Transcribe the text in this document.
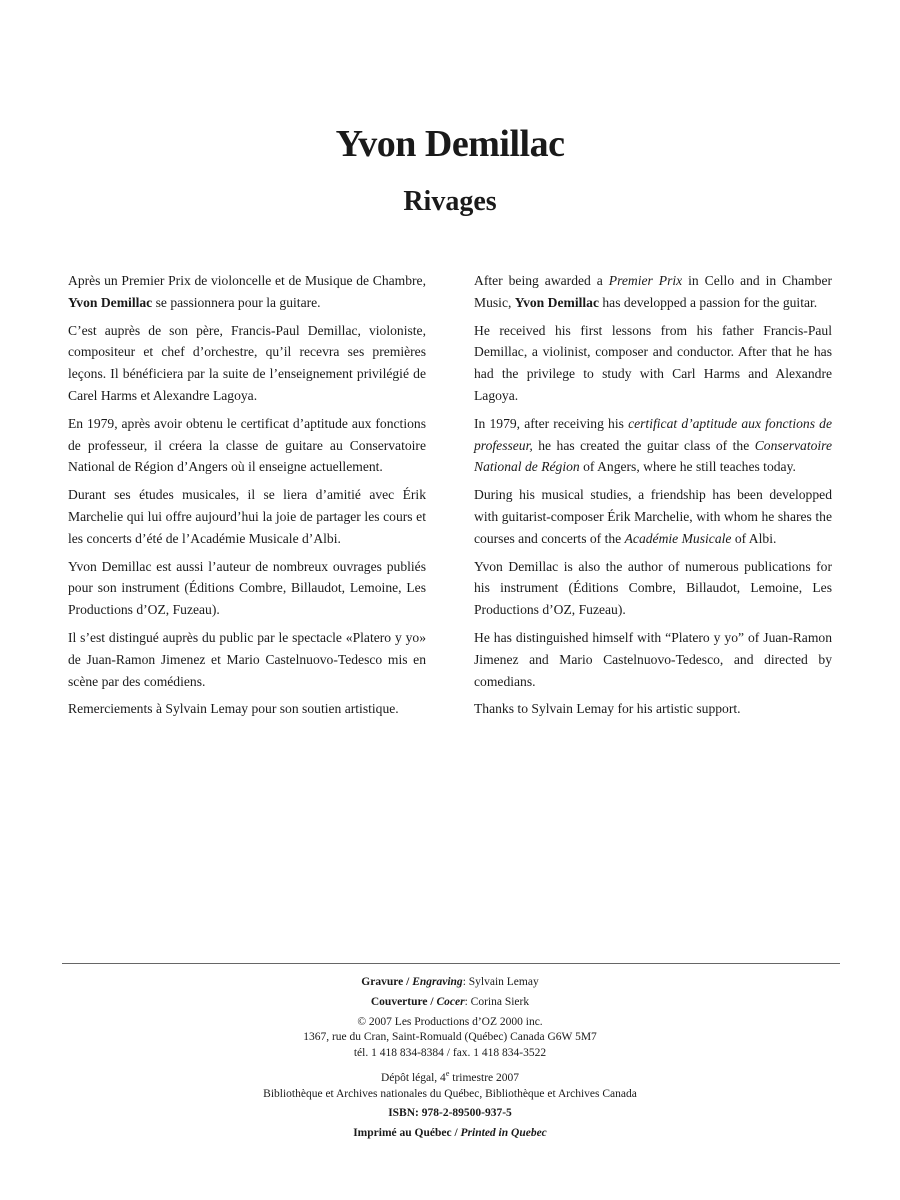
Yvon Demillac
Rivages

Après un Premier Prix de violoncelle et de Musique de Chambre, Yvon Demillac se passionnera pour la guitare.

C’est auprès de son père, Francis-Paul Demillac, violoniste, compositeur et chef d’orchestre, qu’il recevra ses premières leçons. Il bénéficiera par la suite de l’enseignement privilégié de Carel Harms et Alexandre Lagoya.

En 1979, après avoir obtenu le certificat d’aptitude aux fonctions de professeur, il créera la classe de guitare au Conservatoire National de Région d’Angers où il enseigne actuellement.

Durant ses études musicales, il se liera d’amitié avec Érik Marchelie qui lui offre aujourd’hui la joie de partager les cours et les concerts d’été de l’Académie Musicale d’Albi.

Yvon Demillac est aussi l’auteur de nombreux ouvrages publiés pour son instrument (Éditions Combre, Billaudot, Lemoine, Les Productions d’OZ, Fuzeau).

Il s’est distingué auprès du public par le spectacle «Platero y yo» de Juan-Ramon Jimenez et Mario Castelnuovo-Tedesco mis en scène par des comédiens.

Remerciements à Sylvain Lemay pour son soutien artistique.

After being awarded a Premier Prix in Cello and in Chamber Music, Yvon Demillac has developped a passion for the guitar.

He received his first lessons from his father Francis-Paul Demillac, a violinist, composer and conductor. After that he has had the privilege to study with Carl Harms and Alexandre Lagoya.

In 1979, after receiving his certificat d’aptitude aux fonctions de professeur, he has created the guitar class of the Conservatoire National de Région of Angers, where he still teaches today.

During his musical studies, a friendship has been developped with guitarist-composer Érik Marchelie, with whom he shares the courses and concerts of the Académie Musicale of Albi.

Yvon Demillac is also the author of numerous publications for his instrument (Éditions Combre, Billaudot, Lemoine, Les Productions d’OZ, Fuzeau).

He has distinguished himself with “Platero y yo” of Juan-Ramon Jimenez and Mario Castelnuovo-Tedesco, and directed by comedians.

Thanks to Sylvain Lemay for his artistic support.

Gravure / Engraving: Sylvain Lemay
Couverture / Cocer: Corina Sierk
© 2007 Les Productions d’OZ 2000 inc.
1367, rue du Cran, Saint-Romuald (Québec) Canada G6W 5M7
tél. 1 418 834-8384 / fax. 1 418 834-3522
Dépôt légal, 4e trimestre 2007
Bibliothèque et Archives nationales du Québec, Bibliothèque et Archives Canada
ISBN: 978-2-89500-937-5
Imprimé au Québec / Printed in Quebec
